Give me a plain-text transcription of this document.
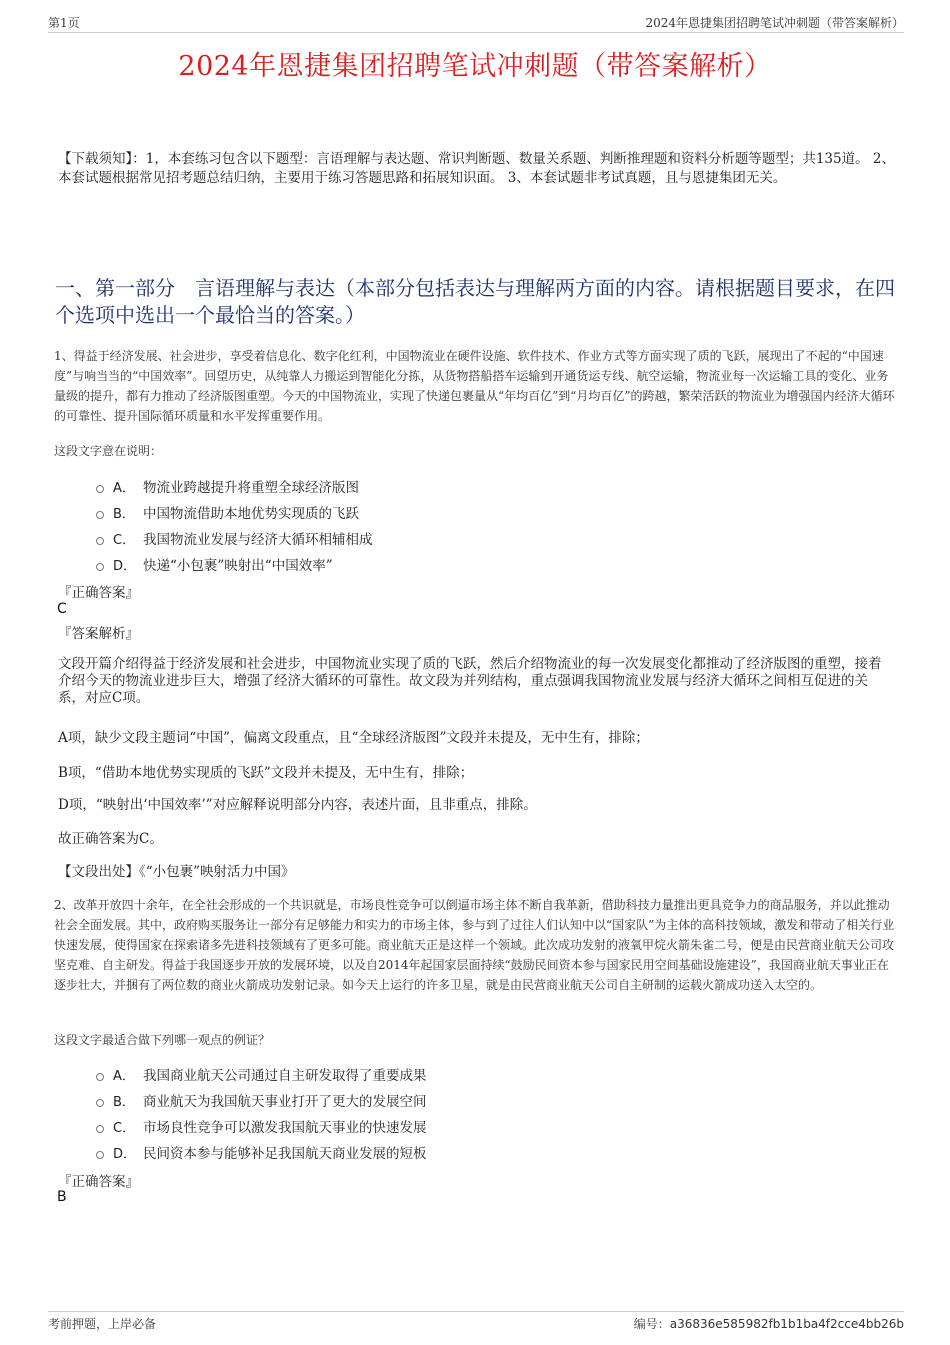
第1页	2024年恩捷集团招聘笔试冲刺题（带答案解析）
2024年恩捷集团招聘笔试冲刺题（带答案解析）
【下载须知】：1，本套练习包含以下题型：言语理解与表达题、常识判断题、数量关系题、判断推理题和资料分析题等题型；共135道。 2、本套试题根据常见招考题总结归纳，主要用于练习答题思路和拓展知识面。 3、本套试题非考试真题，且与恩捷集团无关。
一、第一部分　言语理解与表达（本部分包括表达与理解两方面的内容。请根据题目要求，在四个选项中选出一个最恰当的答案。）

1、得益于经济发展、社会进步，享受着信息化、数字化红利，中国物流业在硬件设施、软件技术、作业方式等方面实现了质的飞跃，展现出了不起的“中国速度”与响当当的“中国效率”。回望历史，从纯靠人力搬运到智能化分拣，从货物搭船搭车运输到开通货运专线、航空运输，物流业每一次运输工具的变化、业务量级的提升，都有力推动了经济版图重塑。今天的中国物流业，实现了快递包裹量从“年均百亿”到“月均百亿”的跨越，繁荣活跃的物流业为增强国内经济大循环的可靠性、提升国际循环质量和水平发挥重要作用。

这段文字意在说明：

A． 物流业跨越提升将重塑全球经济版图
B． 中国物流借助本地优势实现质的飞跃
C． 我国物流业发展与经济大循环相辅相成
D． 快递“小包裹”映射出“中国效率”
『正确答案』
C
『答案解析』
文段开篇介绍得益于经济发展和社会进步，中国物流业实现了质的飞跃，然后介绍物流业的每一次发展变化都推动了经济版图的重塑，接着介绍今天的物流业进步巨大，增强了经济大循环的可靠性。故文段为并列结构，重点强调我国物流业发展与经济大循环之间相互促进的关系，对应C项。
A项，缺少文段主题词“中国”，偏离文段重点，且“全球经济版图”文段并未提及，无中生有，排除；
B项，“借助本地优势实现质的飞跃”文段并未提及，无中生有，排除；
D项，“映射出‘中国效率’”对应解释说明部分内容，表述片面，且非重点，排除。
故正确答案为C。
【文段出处】《“小包裹”映射活力中国》

2、改革开放四十余年，在全社会形成的一个共识就是，市场良性竞争可以倒逼市场主体不断自我革新，借助科技力量推出更具竞争力的商品服务，并以此推动社会全面发展。其中，政府购买服务让一部分有足够能力和实力的市场主体，参与到了过往人们认知中以“国家队”为主体的高科技领域，激发和带动了相关行业快速发展，使得国家在探索诸多先进科技领域有了更多可能。商业航天正是这样一个领域。此次成功发射的液氧甲烷火箭朱雀二号，便是由民营商业航天公司攻坚克难、自主研发。得益于我国逐步开放的发展环境，以及自2014年起国家层面持续“鼓励民间资本参与国家民用空间基础设施建设”，我国商业航天事业正在逐步壮大，并捆有了两位数的商业火箭成功发射记录。如今天上运行的许多卫星，就是由民营商业航天公司自主研制的运载火箭成功送入太空的。

这段文字最适合做下列哪一观点的例证？

A． 我国商业航天公司通过自主研发取得了重要成果
B． 商业航天为我国航天事业打开了更大的发展空间
C． 市场良性竞争可以激发我国航天事业的快速发展
D． 民间资本参与能够补足我国航天商业发展的短板
『正确答案』
B
考前押题，上岸必备	编号：a36836e585982fb1b1ba4f2cce4bb26b
